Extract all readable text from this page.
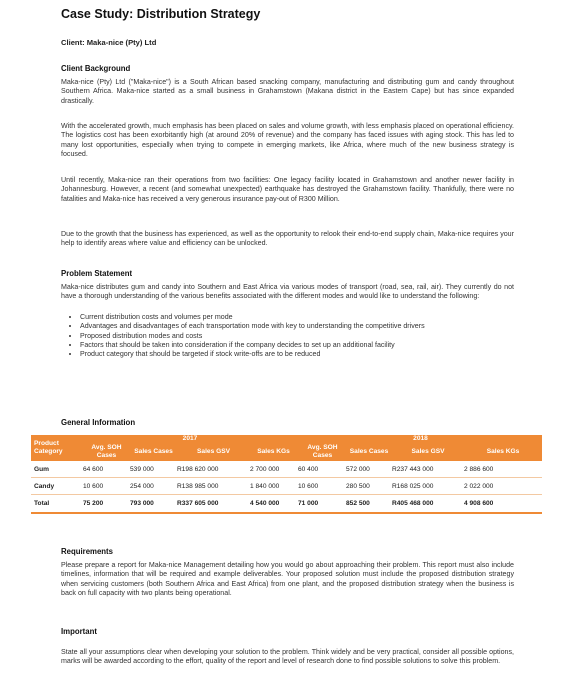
Case Study: Distribution Strategy
Client: Maka-nice (Pty) Ltd
Client Background
Maka-nice (Pty) Ltd ("Maka-nice") is a South African based snacking company, manufacturing and distributing gum and candy throughout Southern Africa. Maka-nice started as a small business in Grahamstown (Makana district in the Eastern Cape) but has since expanded drastically.
With the accelerated growth, much emphasis has been placed on sales and volume growth, with less emphasis placed on operational efficiency. The logistics cost has been exorbitantly high (at around 20% of revenue) and the company has faced issues with aging stock. This has led to many lost opportunities, especially when trying to compete in emerging markets, like Africa, where much of the new business strategy is focused.
Until recently, Maka-nice ran their operations from two facilities: One legacy facility located in Grahamstown and another newer facility in Johannesburg. However, a recent (and somewhat unexpected) earthquake has destroyed the Grahamstown facility. Thankfully, there were no fatalities and Maka-nice has received a very generous insurance pay-out of R300 Million.
Due to the growth that the business has experienced, as well as the opportunity to relook their end-to-end supply chain, Maka-nice requires your help to identify areas where value and efficiency can be unlocked.
Problem Statement
Maka-nice distributes gum and candy into Southern and East Africa via various modes of transport (road, sea, rail, air). They currently do not have a thorough understanding of the various benefits associated with the different modes and would like to understand the following:
• Current distribution costs and volumes per mode
• Advantages and disadvantages of each transportation mode with key to understanding the competitive drivers
• Proposed distribution modes and costs
• Factors that should be taken into consideration if the company decides to set up an additional facility
• Product category that should be targeted if stock write-offs are to be reduced
General Information
Product Category	2017				2018			
	Avg. SOH Cases	Sales Cases	Sales GSV	Sales KGs	Avg. SOH Cases	Sales Cases	Sales GSV	Sales KGs
Gum	64 600	539 000	R198 620 000	2 700 000	60 400	572 000	R237 443 000	2 886 600
Candy	10 600	254 000	R138 985 000	1 840 000	10 600	280 500	R168 025 000	2 022 000
Total	75 200	793 000	R337 605 000	4 540 000	71 000	852 500	R405 468 000	4 908 600
Requirements
Please prepare a report for Maka-nice Management detailing how you would go about approaching their problem. This report must also include timelines, information that will be required and example deliverables. Your proposed solution must include the proposed distribution strategy when servicing customers (both Southern Africa and East Africa) from one plant, and the proposed distribution strategy when the business is back on full capacity with two plants being operational.
Important
State all your assumptions clear when developing your solution to the problem. Think widely and be very practical, consider all possible options, marks will be awarded according to the effort, quality of the report and level of research done to find possible solutions to solve this problem.
